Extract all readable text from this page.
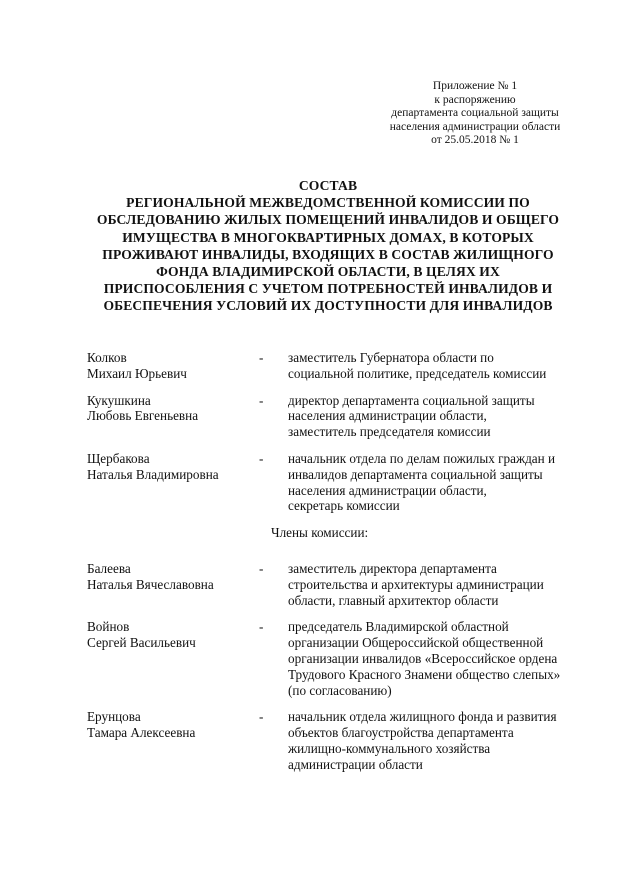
Приложение № 1
к распоряжению
департамента социальной защиты
населения администрации области
от 25.05.2018 № 1
СОСТАВ
РЕГИОНАЛЬНОЙ МЕЖВЕДОМСТВЕННОЙ КОМИССИИ ПО
ОБСЛЕДОВАНИЮ ЖИЛЫХ ПОМЕЩЕНИЙ ИНВАЛИДОВ И ОБЩЕГО
ИМУЩЕСТВА В МНОГОКВАРТИРНЫХ ДОМАХ, В КОТОРЫХ
ПРОЖИВАЮТ ИНВАЛИДЫ, ВХОДЯЩИХ В СОСТАВ ЖИЛИЩНОГО
ФОНДА ВЛАДИМИРСКОЙ ОБЛАСТИ, В ЦЕЛЯХ ИХ
ПРИСПОСОБЛЕНИЯ С УЧЕТОМ ПОТРЕБНОСТЕЙ ИНВАЛИДОВ И
ОБЕСПЕЧЕНИЯ УСЛОВИЙ ИХ ДОСТУПНОСТИ ДЛЯ ИНВАЛИДОВ
Колков
Михаил Юрьевич
-	заместитель Губернатора области по
социальной политике, председатель комиссии
Кукушкина
Любовь Евгеньевна
-	директор департамента социальной защиты
населения администрации области,
заместитель председателя комиссии
Щербакова
Наталья Владимировна
-	начальник отдела по делам пожилых граждан и
инвалидов департамента социальной защиты
населения администрации области,
секретарь комиссии
Члены комиссии:
Балеева
Наталья Вячеславовна
-	заместитель директора департамента
строительства и архитектуры администрации
области, главный архитектор области
Войнов
Сергей Васильевич
-	председатель Владимирской областной
организации Общероссийской общественной
организации инвалидов «Всероссийское ордена
Трудового Красного Знамени общество слепых»
(по согласованию)
Ерунцова
Тамара Алексеевна
-	начальник отдела жилищного фонда и развития
объектов благоустройства департамента
жилищно-коммунального хозяйства
администрации области
